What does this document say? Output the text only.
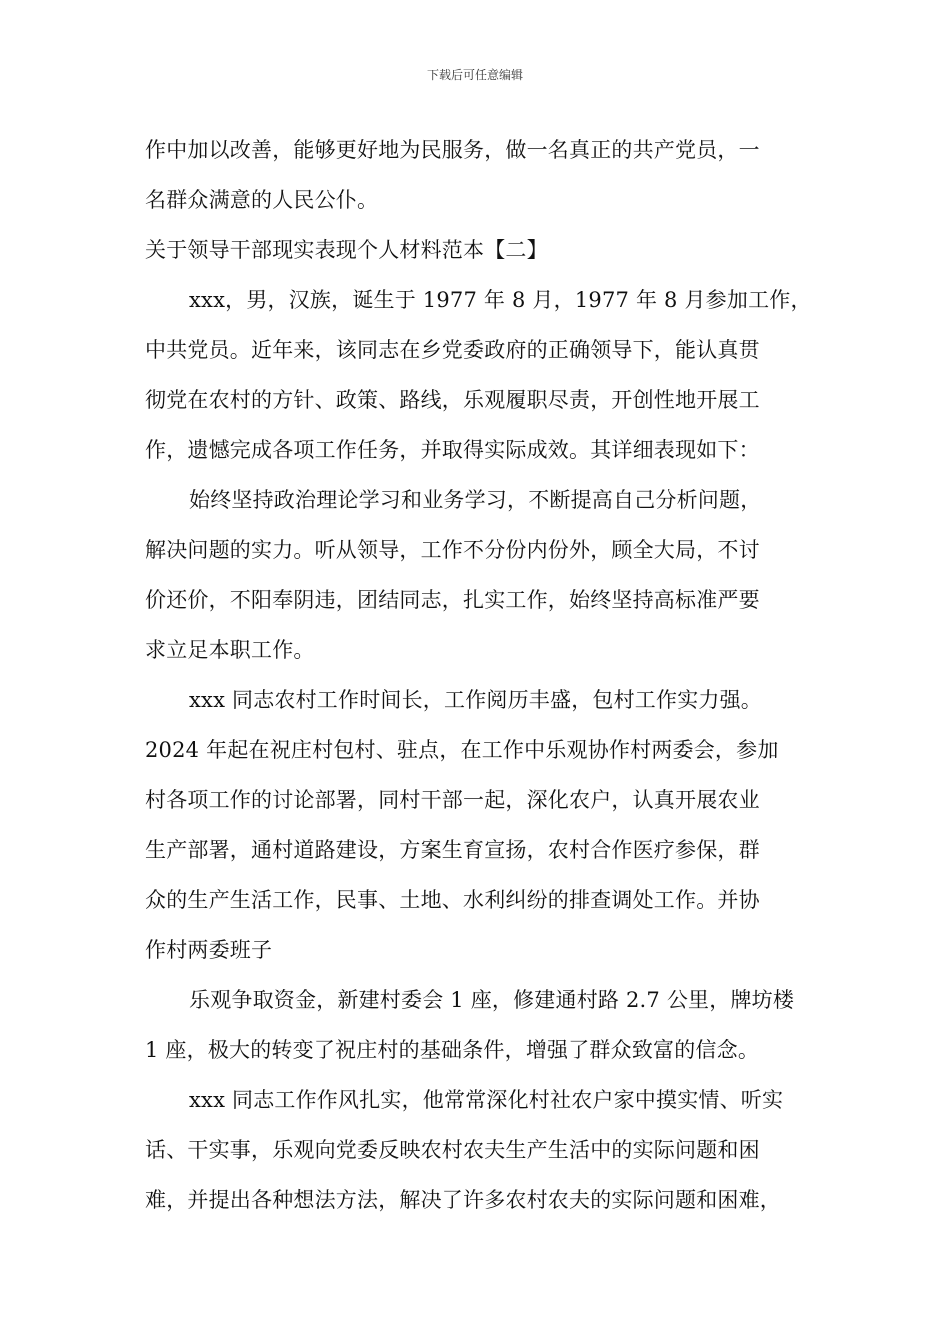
下载后可任意编辑
作中加以改善，能够更好地为民服务，做一名真正的共产党员，一
名群众满意的人民公仆。
关于领导干部现实表现个人材料范本【二】
xxx，男，汉族，诞生于 1977 年 8 月，1977 年 8 月参加工作，
中共党员。近年来，该同志在乡党委政府的正确领导下，能认真贯
彻党在农村的方针、政策、路线，乐观履职尽责，开创性地开展工
作，遗憾完成各项工作任务，并取得实际成效。其详细表现如下：
始终坚持政治理论学习和业务学习，不断提高自己分析问题，
解决问题的实力。听从领导，工作不分份内份外，顾全大局，不讨
价还价，不阳奉阴违，团结同志，扎实工作，始终坚持高标准严要
求立足本职工作。
xxx 同志农村工作时间长，工作阅历丰盛，包村工作实力强。
2024 年起在祝庄村包村、驻点，在工作中乐观协作村两委会，参加
村各项工作的讨论部署，同村干部一起，深化农户，认真开展农业
生产部署，通村道路建设，方案生育宣扬，农村合作医疗参保，群
众的生产生活工作，民事、土地、水利纠纷的排查调处工作。并协
作村两委班子
乐观争取资金，新建村委会 1 座，修建通村路 2.7 公里，牌坊楼
1 座，极大的转变了祝庄村的基础条件，增强了群众致富的信念。
xxx 同志工作作风扎实，他常常深化村社农户家中摸实情、听实
话、干实事，乐观向党委反映农村农夫生产生活中的实际问题和困
难，并提出各种想法方法，解决了许多农村农夫的实际问题和困难，
